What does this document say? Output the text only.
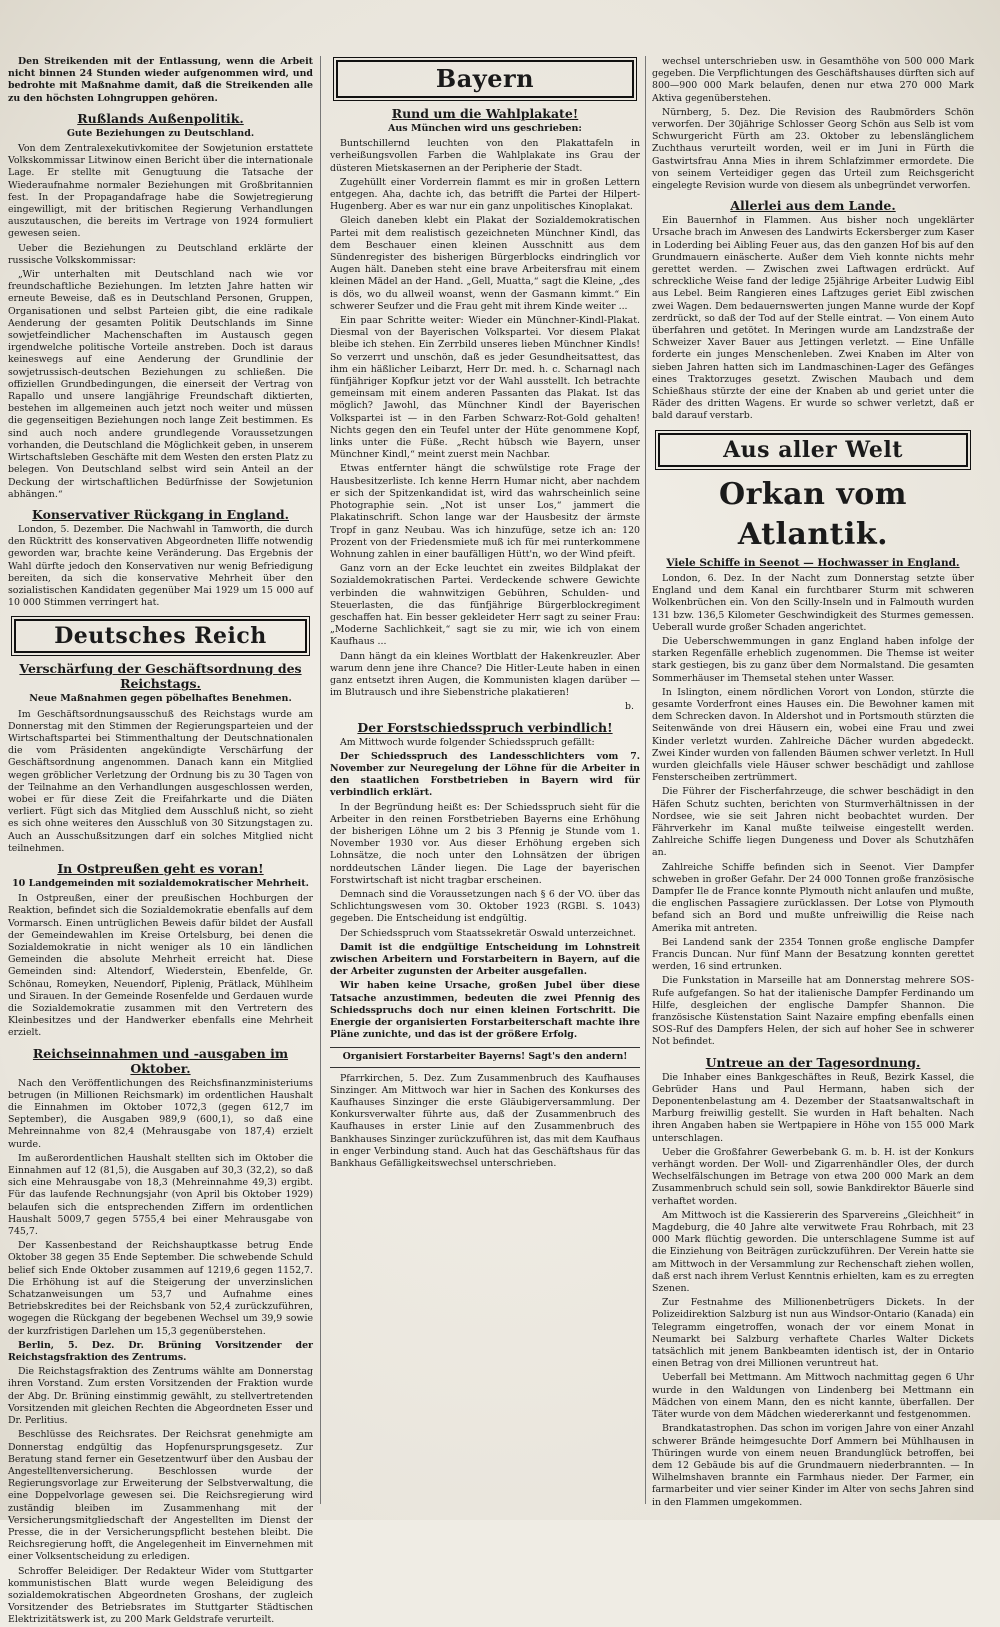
Den Streikenden mit der Entlassung, wenn die Arbeit nicht binnen 24 Stunden wieder aufgenommen wird, und bedrohte mit Maßnahme damit, daß die Streikenden alle zu den höchsten Lohngruppen gehören.

Rußlands Außenpolitik.
Gute Beziehungen zu Deutschland.

Von dem Zentralexekutivkomitee der Sowjetunion erstattete Volkskommissar Litwinow einen Bericht über die internationale Lage. Er stellte mit Genugtuung die Tatsache der Wiederaufnahme normaler Beziehungen mit Großbritannien fest. In der Propagandafrage habe die Sowjetregierung eingewilligt, mit der britischen Regierung Verhandlungen auszutauschen, die bereits im Vertrage von 1924 formuliert gewesen seien.

Ueber die Beziehungen zu Deutschland erklärte der russische Volkskommissar:

„Wir unterhalten mit Deutschland nach wie vor freundschaftliche Beziehungen. Im letzten Jahre hatten wir erneute Beweise, daß es in Deutschland Personen, Gruppen, Organisationen und selbst Parteien gibt, die eine radikale Aenderung der gesamten Politik Deutschlands im Sinne sowjetfeindlicher Machenschaften im Austausch gegen irgendwelche politische Vorteile anstreben. Doch ist daraus keineswegs auf eine Aenderung der Grundlinie der sowjetrussisch-deutschen Beziehungen zu schließen. Die offiziellen Grundbedingungen, die einerseit der Vertrag von Rapallo und unsere langjährige Freundschaft diktierten, bestehen im allgemeinen auch jetzt noch weiter und müssen die gegenseitigen Beziehungen noch lange Zeit bestimmen. Es sind auch noch andere grundlegende Voraussetzungen vorhanden, die Deutschland die Möglichkeit geben, in unserem Wirtschaftsleben Geschäfte mit dem Westen den ersten Platz zu belegen. Von Deutschland selbst wird sein Anteil an der Deckung der wirtschaftlichen Bedürfnisse der Sowjetunion abhängen.“

Konservativer Rückgang in England.

London, 5. Dezember. Die Nachwahl in Tamworth, die durch den Rücktritt des konservativen Abgeordneten Iliffe notwendig geworden war, brachte keine Veränderung. Das Ergebnis der Wahl dürfte jedoch den Konservativen nur wenig Befriedigung bereiten, da sich die konservative Mehrheit über den sozialistischen Kandidaten gegenüber Mai 1929 um 15 000 auf 10 000 Stimmen verringert hat.

Deutsches Reich
Verschärfung der Geschäftsordnung des Reichstags.
Neue Maßnahmen gegen pöbelhaftes Benehmen.

Im Geschäftsordnungsausschuß des Reichstags wurde am Donnerstag mit den Stimmen der Regierungsparteien und der Wirtschaftspartei bei Stimmenthaltung der Deutschnationalen die vom Präsidenten angekündigte Verschärfung der Geschäftsordnung angenommen. Danach kann ein Mitglied wegen gröblicher Verletzung der Ordnung bis zu 30 Tagen von der Teilnahme an den Verhandlungen ausgeschlossen werden, wobei er für diese Zeit die Freifahrkarte und die Diäten verliert. Fügt sich das Mitglied dem Ausschluß nicht, so zieht es sich ohne weiteres den Ausschluß von 30 Sitzungstagen zu. Auch an Ausschußsitzungen darf ein solches Mitglied nicht teilnehmen.

In Ostpreußen geht es voran!
10 Landgemeinden mit sozialdemokratischer Mehrheit.

In Ostpreußen, einer der preußischen Hochburgen der Reaktion, befindet sich die Sozialdemokratie ebenfalls auf dem Vormarsch. Einen untrüglichen Beweis dafür bildet der Ausfall der Gemeindewahlen im Kreise Ortelsburg, bei denen die Sozialdemokratie in nicht weniger als 10 ein ländlichen Gemeinden die absolute Mehrheit erreicht hat. Diese Gemeinden sind: Altendorf, Wiederstein, Ebenfelde, Gr. Schönau, Romeyken, Neuendorf, Piplenig, Prätlack, Mühlheim und Sirauen. In der Gemeinde Rosenfelde und Gerdauen wurde die Sozialdemokratie zusammen mit den Vertretern des Kleinbesitzes und der Handwerker ebenfalls eine Mehrheit erzielt.

Reichseinnahmen und -ausgaben im Oktober.

Nach den Veröffentlichungen des Reichsfinanzministeriums betrugen (in Millionen Reichsmark) im ordentlichen Haushalt die Einnahmen im Oktober 1072,3 (gegen 612,7 im September), die Ausgaben 989,9 (600,1), so daß eine Mehreinnahme von 82,4 (Mehrausgabe von 187,4) erzielt wurde.

Im außerordentlichen Haushalt stellten sich im Oktober die Einnahmen auf 12 (81,5), die Ausgaben auf 30,3 (32,2), so daß sich eine Mehrausgabe von 18,3 (Mehreinnahme 49,3) ergibt. Für das laufende Rechnungsjahr (von April bis Oktober 1929) belaufen sich die entsprechenden Ziffern im ordentlichen Haushalt 5009,7 gegen 5755,4 bei einer Mehrausgabe von 745,7.

Der Kassenbestand der Reichshauptkasse betrug Ende Oktober 38 gegen 35 Ende September. Die schwebende Schuld belief sich Ende Oktober zusammen auf 1219,6 gegen 1152,7. Die Erhöhung ist auf die Steigerung der unverzinslichen Schatzanweisungen um 53,7 und Aufnahme eines Betriebskredites bei der Reichsbank von 52,4 zurückzuführen, wogegen die Rückgang der begebenen Wechsel um 39,9 sowie der kurzfristigen Darlehen um 15,3 gegenüberstehen.

Berlin, 5. Dez. Dr. Brüning Vorsitzender der Reichstagsfraktion des Zentrums.

Die Reichstagsfraktion des Zentrums wählte am Donnerstag ihren Vorstand. Zum ersten Vorsitzenden der Fraktion wurde der Abg. Dr. Brüning einstimmig gewählt, zu stellvertretenden Vorsitzenden mit gleichen Rechten die Abgeordneten Esser und Dr. Perlitius.

Beschlüsse des Reichsrates. Der Reichsrat genehmigte am Donnerstag endgültig das Hopfenursprungsgesetz. Zur Beratung stand ferner ein Gesetzentwurf über den Ausbau der Angestelltenversicherung. Beschlossen wurde der Regierungsvorlage zur Erweiterung der Selbstverwaltung, die eine Doppelvorlage gewesen sei. Die Reichsregierung wird zuständig bleiben im Zusammenhang mit der Versicherungsmitgliedschaft der Angestellten im Dienst der Presse, die in der Versicherungspflicht bestehen bleibt. Die Reichsregierung hofft, die Angelegenheit im Einvernehmen mit einer Volksentscheidung zu erledigen.

Schroffer Beleidiger. Der Redakteur Wider vom Stuttgarter kommunistischen Blatt wurde wegen Beleidigung des sozialdemokratischen Abgeordneten Groshans, der zugleich Vorsitzender des Betriebsrates im Stuttgarter Städtischen Elektrizitätswerk ist, zu 200 Mark Geldstrafe verurteilt.

Bayern
Rund um die Wahlplakate!
Aus München wird uns geschrieben:

Buntschillernd leuchten von den Plakattafeln in verheißungsvollen Farben die Wahlplakate ins Grau der düsteren Mietskasernen an der Peripherie der Stadt.

Zugehüllt einer Vorderrein flammt es mir in großen Lettern entgegen. Aha, dachte ich, das betrifft die Partei der Hilpert-Hugenberg. Aber es war nur ein ganz unpolitisches Kinoplakat.

Gleich daneben klebt ein Plakat der Sozialdemokratischen Partei mit dem realistisch gezeichneten Münchner Kindl, das dem Beschauer einen kleinen Ausschnitt aus dem Sündenregister des bisherigen Bürgerblocks eindringlich vor Augen hält. Daneben steht eine brave Arbeitersfrau mit einem kleinen Mädel an der Hand. „Gell, Muatta,“ sagt die Kleine, „des is dös, wo du allweil woanst, wenn der Gasmann kimmt.“ Ein schwerer Seufzer und die Frau geht mit ihrem Kinde weiter ...

Ein paar Schritte weiter: Wieder ein Münchner-Kindl-Plakat. Diesmal von der Bayerischen Volkspartei. Vor diesem Plakat bleibe ich stehen. Ein Zerrbild unseres lieben Münchner Kindls! So verzerrt und unschön, daß es jeder Gesundheitsattest, das ihm ein häßlicher Leibarzt, Herr Dr. med. h. c. Scharnagl nach fünfjähriger Kopfkur jetzt vor der Wahl ausstellt. Ich betrachte gemeinsam mit einem anderen Passanten das Plakat. Ist das möglich? Jawohl, das Münchner Kindl der Bayerischen Volkspartei ist — in den Farben Schwarz-Rot-Gold gehalten! Nichts gegen den ein Teufel unter der Hüte genommene Kopf, links unter die Füße. „Recht hübsch wie Bayern, unser Münchner Kindl,“ meint zuerst mein Nachbar.

Etwas entfernter hängt die schwülstige rote Frage der Hausbesitzerliste. Ich kenne Herrn Humar nicht, aber nachdem er sich der Spitzenkandidat ist, wird das wahrscheinlich seine Photographie sein. „Not ist unser Los,“ jammert die Plakatinschrift. Schon lange war der Hausbesitz der ärmste Tropf in ganz Neubau. Was ich hinzufüge, setze ich an: 120 Prozent von der Friedensmiete muß ich für mei runterkommene Wohnung zahlen in einer baufälligen Hütt'n, wo der Wind pfeift.

Ganz vorn an der Ecke leuchtet ein zweites Bildplakat der Sozialdemokratischen Partei. Verdeckende schwere Gewichte verbinden die wahnwitzigen Gebühren, Schulden- und Steuerlasten, die das fünfjährige Bürgerblockregiment geschaffen hat. Ein besser gekleideter Herr sagt zu seiner Frau: „Moderne Sachlichkeit,“ sagt sie zu mir, wie ich von einem Kaufhaus ...

Dann hängt da ein kleines Wortblatt der Hakenkreuzler. Aber warum denn jene ihre Chance? Die Hitler-Leute haben in einen ganz entsetzt ihren Augen, die Kommunisten klagen darüber — im Blutrausch und ihre Siebenstriche plakatieren!

b.
Der Forstschiedsspruch verbindlich!

Am Mittwoch wurde folgender Schiedsspruch gefällt:

Der Schiedsspruch des Landesschlichters vom 7. November zur Neuregelung der Löhne für die Arbeiter in den staatlichen Forstbetrieben in Bayern wird für verbindlich erklärt.

In der Begründung heißt es: Der Schiedsspruch sieht für die Arbeiter in den reinen Forstbetrieben Bayerns eine Erhöhung der bisherigen Löhne um 2 bis 3 Pfennig je Stunde vom 1. November 1930 vor. Aus dieser Erhöhung ergeben sich Lohnsätze, die noch unter den Lohnsätzen der übrigen norddeutschen Länder liegen. Die Lage der bayerischen Forstwirtschaft ist nicht tragbar erscheinen.

Demnach sind die Voraussetzungen nach § 6 der VO. über das Schlichtungswesen vom 30. Oktober 1923 (RGBl. S. 1043) gegeben. Die Entscheidung ist endgültig.

Der Schiedsspruch vom Staatssekretär Oswald unterzeichnet.

Damit ist die endgültige Entscheidung im Lohnstreit zwischen Arbeitern und Forstarbeitern in Bayern, auf die der Arbeiter zugunsten der Arbeiter ausgefallen.

Wir haben keine Ursache, großen Jubel über diese Tatsache anzustimmen, bedeuten die zwei Pfennig des Schiedsspruchs doch nur einen kleinen Fortschritt. Die Energie der organisierten Forstarbeiterschaft machte ihre Pläne zunichte, und das ist der größere Erfolg.

Organisiert Forstarbeiter Bayerns! Sagt's den andern!

Pfarrkirchen, 5. Dez. Zum Zusammenbruch des Kaufhauses Sinzinger. Am Mittwoch war hier in Sachen des Konkurses des Kaufhauses Sinzinger die erste Gläubigerversammlung. Der Konkursverwalter führte aus, daß der Zusammenbruch des Kaufhauses in erster Linie auf den Zusammenbruch des Bankhauses Sinzinger zurückzuführen ist, das mit dem Kaufhaus in enger Verbindung stand. Auch hat das Geschäftshaus für das Bankhaus Gefälligkeitswechsel unterschrieben.

wechsel unterschrieben usw. in Gesamthöhe von 500 000 Mark gegeben. Die Verpflichtungen des Geschäftshauses dürften sich auf 800—900 000 Mark belaufen, denen nur etwa 270 000 Mark Aktiva gegenüberstehen.

Nürnberg, 5. Dez. Die Revision des Raubmörders Schön verworfen. Der 30jährige Schlosser Georg Schön aus Selb ist vom Schwurgericht Fürth am 23. Oktober zu lebenslänglichem Zuchthaus verurteilt worden, weil er im Juni in Fürth die Gastwirtsfrau Anna Mies in ihrem Schlafzimmer ermordete. Die von seinem Verteidiger gegen das Urteil zum Reichsgericht eingelegte Revision wurde von diesem als unbegründet verworfen.

Allerlei aus dem Lande.

Ein Bauernhof in Flammen. Aus bisher noch ungeklärter Ursache brach im Anwesen des Landwirts Eckersberger zum Kaser in Loderding bei Aibling Feuer aus, das den ganzen Hof bis auf den Grundmauern einäscherte. Außer dem Vieh konnte nichts mehr gerettet werden. — Zwischen zwei Laftwagen erdrückt. Auf schreckliche Weise fand der ledige 25jährige Arbeiter Ludwig Eibl aus Lebel. Beim Rangieren eines Laftzuges geriet Eibl zwischen zwei Wagen. Dem bedauernswerten jungen Manne wurde der Kopf zerdrückt, so daß der Tod auf der Stelle eintrat. — Von einem Auto überfahren und getötet. In Meringen wurde am Landzstraße der Schweizer Xaver Bauer aus Jettingen verletzt. — Eine Unfälle forderte ein junges Menschenleben. Zwei Knaben im Alter von sieben Jahren hatten sich im Landmaschinen-Lager des Gefänges eines Traktorzuges gesetzt. Zwischen Maubach und dem Schießhaus stürzte der eine der Knaben ab und geriet unter die Räder des dritten Wagens. Er wurde so schwer verletzt, daß er bald darauf verstarb.

Aus aller Welt
Orkan vom Atlantik.
Viele Schiffe in Seenot — Hochwasser in England.

London, 6. Dez. In der Nacht zum Donnerstag setzte über England und dem Kanal ein furchtbarer Sturm mit schweren Wolkenbrüchen ein. Von den Scilly-Inseln und in Falmouth wurden 131 bzw. 136,5 Kilometer Geschwindigkeit des Sturmes gemessen. Ueberall wurde großer Schaden angerichtet.

Die Ueberschwemmungen in ganz England haben infolge der starken Regenfälle erheblich zugenommen. Die Themse ist weiter stark gestiegen, bis zu ganz über dem Normalstand. Die gesamten Sommerhäuser im Themsetal stehen unter Wasser.

In Islington, einem nördlichen Vorort von London, stürzte die gesamte Vorderfront eines Hauses ein. Die Bewohner kamen mit dem Schrecken davon. In Aldershot und in Portsmouth stürzten die Seitenwände von drei Häusern ein, wobei eine Frau und zwei Kinder verletzt wurden. Zahlreiche Dächer wurden abgedeckt. Zwei Kinder wurden von fallenden Bäumen schwer verletzt. In Hull wurden gleichfalls viele Häuser schwer beschädigt und zahllose Fensterscheiben zertrümmert.

Die Führer der Fischerfahrzeuge, die schwer beschädigt in den Häfen Schutz suchten, berichten von Sturmverhältnissen in der Nordsee, wie sie seit Jahren nicht beobachtet wurden. Der Fährverkehr im Kanal mußte teilweise eingestellt werden. Zahlreiche Schiffe liegen Dungeness und Dover als Schutzhäfen an.

Zahlreiche Schiffe befinden sich in Seenot. Vier Dampfer schweben in großer Gefahr. Der 24 000 Tonnen große französische Dampfer Ile de France konnte Plymouth nicht anlaufen und mußte, die englischen Passagiere zurücklassen. Der Lotse von Plymouth befand sich an Bord und mußte unfreiwillig die Reise nach Amerika mit antreten.

Bei Landend sank der 2354 Tonnen große englische Dampfer Francis Duncan. Nur fünf Mann der Besatzung konnten gerettet werden, 16 sind ertrunken.

Die Funkstation in Marseille hat am Donnerstag mehrere SOS-Rufe aufgefangen. So hat der italienische Dampfer Ferdinando um Hilfe, desgleichen der englische Dampfer Shannon. Die französische Küstenstation Saint Nazaire empfing ebenfalls einen SOS-Ruf des Dampfers Helen, der sich auf hoher See in schwerer Not befindet.

Untreue an der Tagesordnung.

Die Inhaber eines Bankgeschäftes in Reuß, Bezirk Kassel, die Gebrüder Hans und Paul Hermann, haben sich der Deponentenbelastung am 4. Dezember der Staatsanwaltschaft in Marburg freiwillig gestellt. Sie wurden in Haft behalten. Nach ihren Angaben haben sie Wertpapiere in Höhe von 155 000 Mark unterschlagen.

Ueber die Großfahrer Gewerbebank G. m. b. H. ist der Konkurs verhängt worden. Der Woll- und Zigarrenhändler Oles, der durch Wechselfälschungen im Betrage von etwa 200 000 Mark an dem Zusammenbruch schuld sein soll, sowie Bankdirektor Bäuerle sind verhaftet worden.

Am Mittwoch ist die Kassiererin des Sparvereins „Gleichheit“ in Magdeburg, die 40 Jahre alte verwitwete Frau Rohrbach, mit 23 000 Mark flüchtig geworden. Die unterschlagene Summe ist auf die Einziehung von Beiträgen zurückzuführen. Der Verein hatte sie am Mittwoch in der Versammlung zur Rechenschaft ziehen wollen, daß erst nach ihrem Verlust Kenntnis erhielten, kam es zu erregten Szenen.

Zur Festnahme des Millionenbetrügers Dickets. In der Polizeidirektion Salzburg ist nun aus Windsor-Ontario (Kanada) ein Telegramm eingetroffen, wonach der vor einem Monat in Neumarkt bei Salzburg verhaftete Charles Walter Dickets tatsächlich mit jenem Bankbeamten identisch ist, der in Ontario einen Betrag von drei Millionen veruntreut hat.

Ueberfall bei Mettmann. Am Mittwoch nachmittag gegen 6 Uhr wurde in den Waldungen von Lindenberg bei Mettmann ein Mädchen von einem Mann, den es nicht kannte, überfallen. Der Täter wurde von dem Mädchen wiedererkannt und festgenommen.

Brandkatastrophen. Das schon im vorigen Jahre von einer Anzahl schwerer Brände heimgesuchte Dorf Ammern bei Mühlhausen in Thüringen wurde von einem neuen Brandunglück betroffen, bei dem 12 Gebäude bis auf die Grundmauern niederbrannten. — In Wilhelmshaven brannte ein Farmhaus nieder. Der Farmer, ein farmarbeiter und vier seiner Kinder im Alter von sechs Jahren sind in den Flammen umgekommen.
